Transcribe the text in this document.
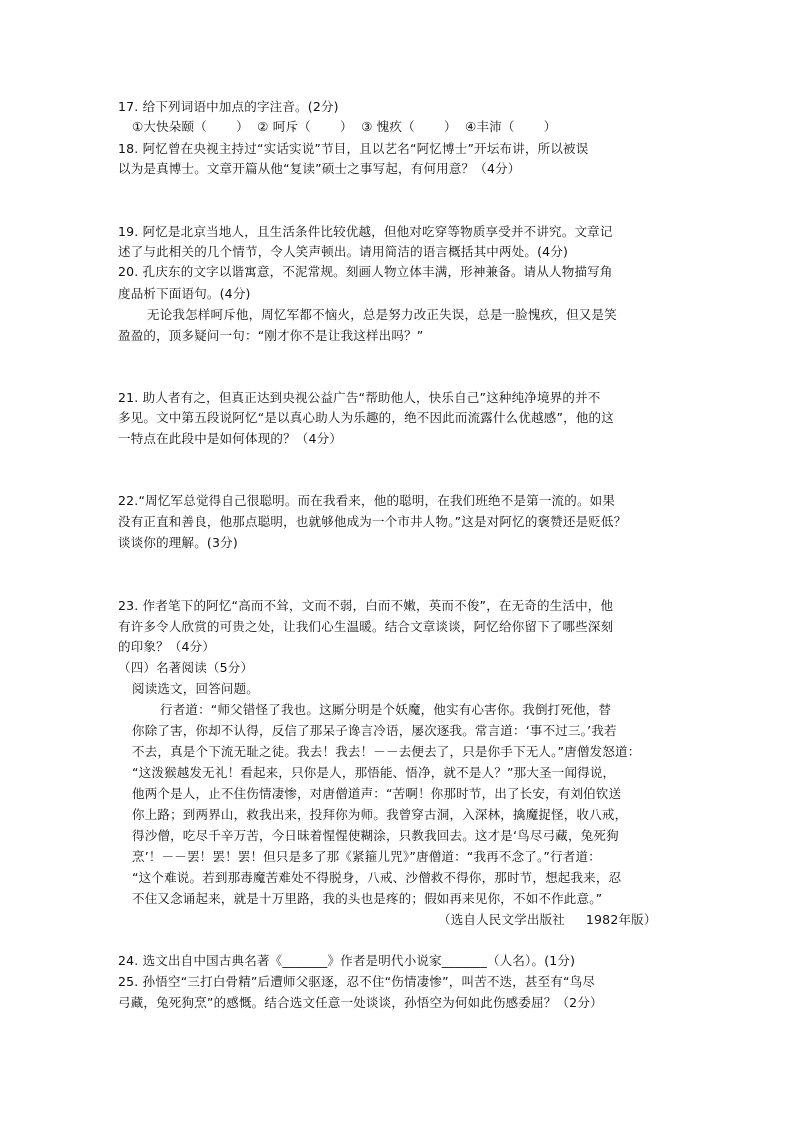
17. 给下列词语中加点的字注音。(2分)
①大快朵颐（       ）  ② 呵斥（       ）  ③ 愧疚（       ）  ④丰沛（       ）
18. 阿忆曾在央视主持过“实话实说”节目，且以艺名“阿忆博士”开坛布讲，所以被误
以为是真博士。文章开篇从他“复读”硕士之事写起，有何用意？（4分）
19. 阿忆是北京当地人，且生活条件比较优越，但他对吃穿等物质享受并不讲究。文章记
述了与此相关的几个情节，令人笑声顿出。请用简洁的语言概括其中两处。(4分)
20. 孔庆东的文字以谐寓意，不泥常规。刻画人物立体丰满，形神兼备。请从人物描写角
度品析下面语句。(4分)
无论我怎样呵斥他，周忆军都不恼火，总是努力改正失误，总是一脸愧疚，但又是笑
盈盈的，顶多疑问一句：“刚才你不是让我这样出吗？”
21. 助人者有之，但真正达到央视公益广告“帮助他人，快乐自己”这种纯净境界的并不
多见。文中第五段说阿忆“是以真心助人为乐趣的，绝不因此而流露什么优越感”，他的这
一特点在此段中是如何体现的？（4分）
22.“周忆军总觉得自己很聪明。而在我看来，他的聪明，在我们班绝不是第一流的。如果
没有正直和善良，他那点聪明，也就够他成为一个市井人物。”这是对阿忆的褒赞还是贬低？
谈谈你的理解。(3分)
23. 作者笔下的阿忆“高而不耸，文而不弱，白而不嫩，英而不俊”，在无奇的生活中，他
有许多令人欣赏的可贵之处，让我们心生温暖。结合文章谈谈，阿忆给你留下了哪些深刻
的印象？（4分）
（四）名著阅读（5分）
阅读选文，回答问题。
行者道：“师父错怪了我也。这厮分明是个妖魔，他实有心害你。我倒打死他，替
你除了害，你却不认得，反信了那呆子谗言冷语，屡次逐我。常言道：‘事不过三。’我若
不去，真是个下流无耻之徒。我去！我去！－－去便去了，只是你手下无人。”唐僧发怒道：
“这泼猴越发无礼！看起来，只你是人，那悟能、悟净，就不是人？”那大圣一闻得说，
他两个是人，止不住伤情凄惨，对唐僧道声：“苦啊！你那时节，出了长安，有刘伯钦送
你上路；到两界山，救我出来，投拜你为师。我曾穿古洞，入深林，擒魔捉怪，收八戒，
得沙僧，吃尽千辛万苦，今日昧着惺惺使糊涂，只教我回去。这才是‘鸟尽弓藏，兔死狗
烹’！－－罢！罢！罢！但只是多了那《紧箍儿咒》”唐僧道：“我再不念了。”行者道：
“这个难说。若到那毒魔苦难处不得脱身，八戒、沙僧救不得你，那时节，想起我来，忍
不住又念诵起来，就是十万里路，我的头也是疼的；假如再来见你，不如不作此意。”
（选自人民文学出版社     1982年版）
24. 选文出自中国古典名著《_______》作者是明代小说家_______（人名）。(1分)
25. 孙悟空“三打白骨精”后遭师父驱逐，忍不住“伤情凄惨”，叫苦不迭，甚至有“鸟尽
弓藏，兔死狗烹”的感慨。结合选文任意一处谈谈，孙悟空为何如此伤感委屈？（2分）
